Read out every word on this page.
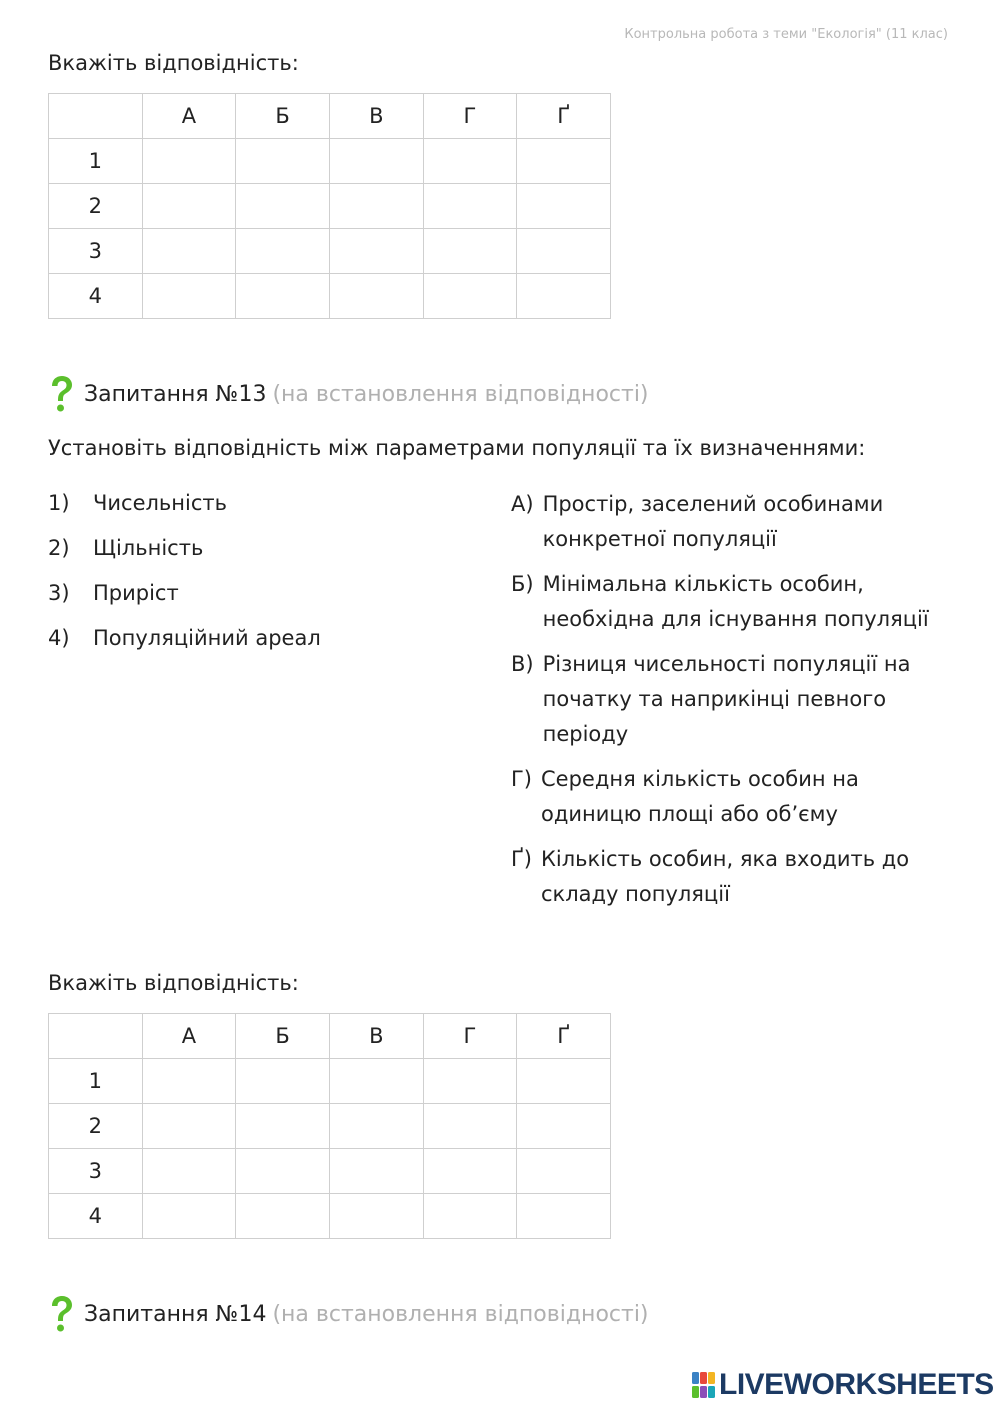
Контрольна робота з теми "Екологія" (11 клас)
Вкажіть відповідність:
	А	Б	В	Г	Ґ
1					
2					
3					
4					
Запитання №13 (на встановлення відповідності)
Установіть відповідність між параметрами популяції та їх визначеннями:
1)	Чисельність
2)	Щільність
3)	Приріст
4)	Популяційний ареал
А) Простір, заселений особинами конкретної популяції
Б) Мінімальна кількість особин, необхідна для існування популяції
В) Різниця чисельності популяції на початку та наприкінці певного періоду
Г) Середня кількість особин на одиницю площі або об’єму
Ґ) Кількість особин, яка входить до складу популяції
Вкажіть відповідність:
	А	Б	В	Г	Ґ
1					
2					
3					
4					
Запитання №14 (на встановлення відповідності)
LIVEWORKSHEETS
